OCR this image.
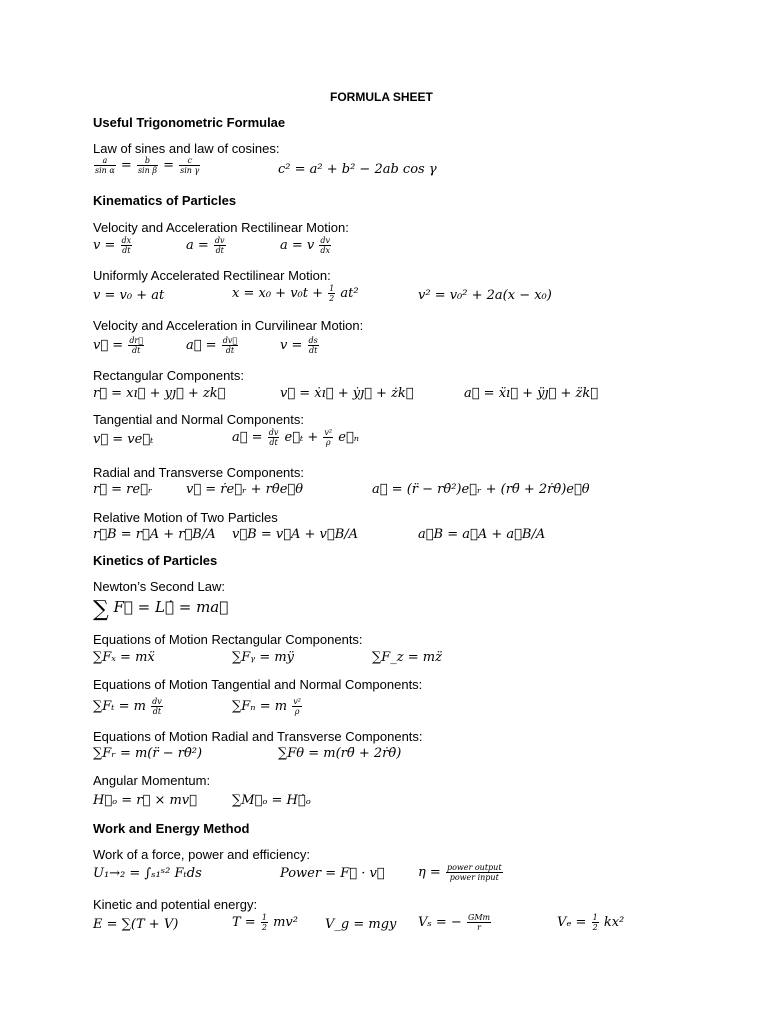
FORMULA SHEET
Useful Trigonometric Formulae
Law of sines and law of cosines:
$\frac{a}{\text{sin α}} = \frac{b}{\text{sin β}} = \frac{c}{\text{sin γ}}$	c² = a² + b² − 2ab cos γ
Kinematics of Particles
Velocity and Acceleration Rectilinear Motion:
$v = \frac{dx}{dt}$	$a = \frac{dv}{dt}$	a = v $\frac{dv}{dx}$
Uniformly Accelerated Rectilinear Motion:
v = v₀ + at	$x = x_0 + v_0t + \frac{1}{2} at^2$	v² = v₀² + 2a(x − x₀)
Velocity and Acceleration in Curvilinear Motion:
v⃗ = $\frac{dr⃗}{dt}$	a⃗ = $\frac{dv⃗}{dt}$	$v = \frac{ds}{dt}$
Rectangular Components:
r⃗ = xı⃗ + yȷ⃗ + zk⃗	v⃗ = ẋı⃗ + ẏȷ⃗ + żk⃗	a⃗ = ẍı⃗ + ÿȷ⃗ + z̈k⃗
Tangential and Normal Components:
v⃗ = ve⃗ₜ	a⃗ = $\frac{dv}{dt}$ e⃗ₜ + $\frac{\text{v²}}{\rho}$ e⃗ₙ
Radial and Transverse Components:
r⃗ = re⃗ᵣ	v⃗ = ṙe⃗ᵣ + rθ̇e⃗θ	a⃗ = (r̈ − rθ̇²)e⃗ᵣ + (rθ̈ + 2ṙθ̇)e⃗θ
Relative Motion of Two Particles
r⃗B = r⃗A + r⃗B/A v⃗B = v⃗A + v⃗B/A	a⃗B = a⃗A + a⃗B/A
Kinetics of Particles
Newton’s Second Law:
∑ F⃗ = L⃗̇ = ma⃗
Equations of Motion Rectangular Components:
∑Fₓ = mẍ	∑Fᵧ = mÿ	∑F_z = mz̈
Equations of Motion Tangential and Normal Components:
∑Fₜ = m $\frac{dv}{dt}$	∑Fₙ = m $\frac{\text{v²}}{\rho}$
Equations of Motion Radial and Transverse Components:
∑Fᵣ = m(r̈ − rθ̇²)	∑Fθ = m(rθ̈ + 2ṙθ̇)
Angular Momentum:
H⃗ₒ = r⃗ × mv⃗	∑M⃗ₒ = H⃗̇ₒ
Work and Energy Method
Work of a force, power and efficiency:
U₁→₂ = ∫ₛ₁ˢ² Fₜds	Power = F⃗ · v⃗	$\eta = \frac{\text{power output}}{\text{power input}}$
Kinetic and potential energy:
E = ∑(T + V)	$T = \frac{1}{2} mv^2$ V_g = mgy Vₛ = − $\frac{\text{GMm}}{r}$	$V_e = \frac{1}{2} kx^2$
